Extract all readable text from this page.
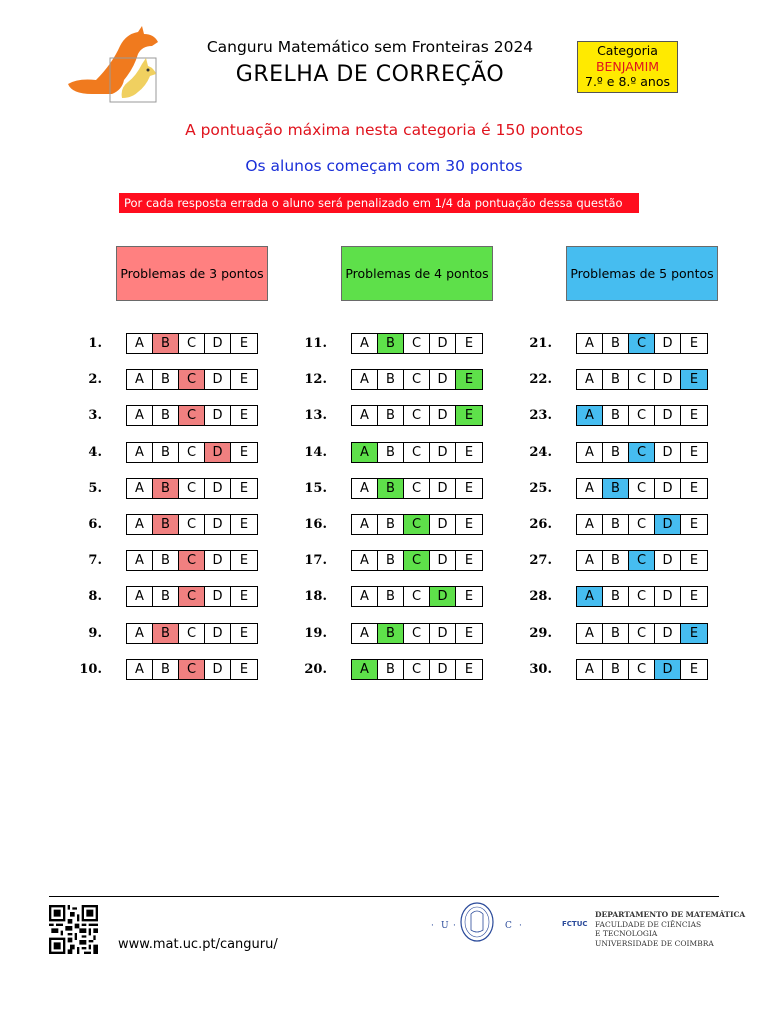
Canguru Matemático sem Fronteiras 2024
GRELHA DE CORREÇÃO
Categoria
BENJAMIM
7.º e 8.º anos
A pontuação máxima nesta categoria é 150 pontos
Os alunos começam com 30 pontos
Por cada resposta errada o aluno será penalizado em 1/4 da pontuação dessa questão
Problemas de 3 pontos	Problemas de 4 pontos	Problemas de 5 pontos
1.	A	B	C	D	E
2.	A	B	C	D	E
3.	A	B	C	D	E
4.	A	B	C	D	E
5.	A	B	C	D	E
6.	A	B	C	D	E
7.	A	B	C	D	E
8.	A	B	C	D	E
9.	A	B	C	D	E
10.	A	B	C	D	E
11.	A	B	C	D	E
12.	A	B	C	D	E
13.	A	B	C	D	E
14.	A	B	C	D	E
15.	A	B	C	D	E
16.	A	B	C	D	E
17.	A	B	C	D	E
18.	A	B	C	D	E
19.	A	B	C	D	E
20.	A	B	C	D	E
21.	A	B	C	D	E
22.	A	B	C	D	E
23.	A	B	C	D	E
24.	A	B	C	D	E
25.	A	B	C	D	E
26.	A	B	C	D	E
27.	A	B	C	D	E
28.	A	B	C	D	E
29.	A	B	C	D	E
30.	A	B	C	D	E
www.mat.uc.pt/canguru/
· U ·	C ·	FCTUC
DEPARTAMENTO DE MATEMÁTICA
FACULDADE DE CIÊNCIAS
E TECNOLOGIA
UNIVERSIDADE DE COIMBRA
